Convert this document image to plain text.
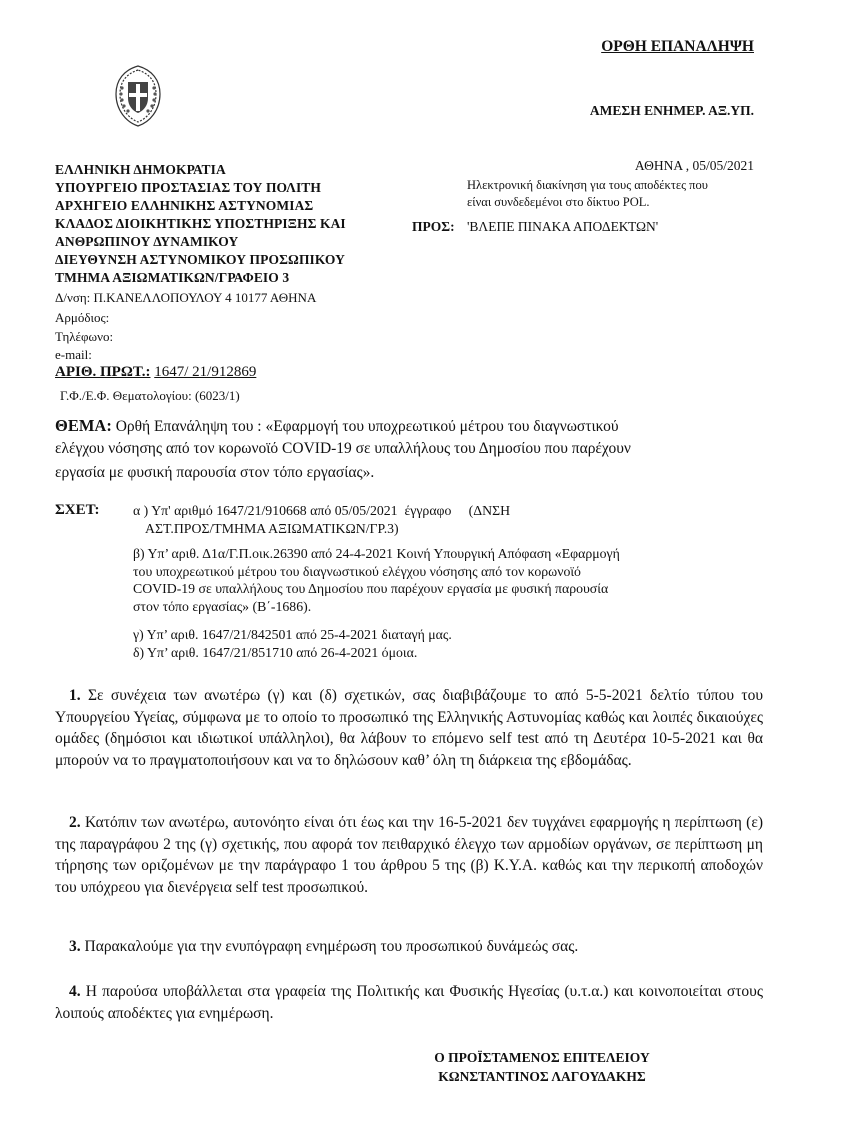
ΟΡΘΗ ΕΠΑΝΑΛΗΨΗ
ΑΜΕΣΗ ΕΝΗΜΕΡ. ΑΞ.ΥΠ.
ΕΛΛΗΝΙΚΗ ΔΗΜΟΚΡΑΤΙΑ
ΥΠΟΥΡΓΕΙΟ ΠΡΟΣΤΑΣΙΑΣ ΤΟΥ ΠΟΛΙΤΗ
ΑΡΧΗΓΕΙΟ ΕΛΛΗΝΙΚΗΣ ΑΣΤΥΝΟΜΙΑΣ
ΚΛΑΔΟΣ ΔΙΟΙΚΗΤΙΚΗΣ ΥΠΟΣΤΗΡΙΞΗΣ ΚΑΙ
ΑΝΘΡΩΠΙΝΟΥ ΔΥΝΑΜΙΚΟΥ
ΔΙΕΥΘΥΝΣΗ ΑΣΤΥΝΟΜΙΚΟΥ ΠΡΟΣΩΠΙΚΟΥ
ΤΜΗΜΑ ΑΞΙΩΜΑΤΙΚΩΝ/ΓΡΑΦΕΙΟ 3
Δ/νση: Π.ΚΑΝΕΛΛΟΠΟΥΛΟΥ 4 10177 ΑΘΗΝΑ
Αρμόδιος:
Τηλέφωνο:
e-mail:
ΑΡΙΘ. ΠΡΩΤ.: 1647/ 21/912869
Γ.Φ./Ε.Φ. Θεματολογίου: (6023/1)
ΑΘΗΝΑ , 05/05/2021
Ηλεκτρονική διακίνηση για τους αποδέκτες που
είναι συνδεδεμένοι στο δίκτυο POL.
ΠΡΟΣ: 'ΒΛΕΠΕ ΠΙΝΑΚΑ ΑΠΟΔΕΚΤΩΝ'
ΘΕΜΑ: Ορθή Επανάληψη του : «Εφαρμογή του υποχρεωτικού μέτρου του διαγνωστικού
ελέγχου νόσησης από τον κορωνοϊό COVID-19 σε υπαλλήλους του Δημοσίου που παρέχουν
εργασία με φυσική παρουσία στον τόπο εργασίας».
ΣΧΕΤ: α ) Υπ' αριθμό 1647/21/910668 από 05/05/2021  έγγραφο     (ΔΝΣΗ
ΑΣΤ.ΠΡΟΣ/ΤΜΗΜΑ ΑΞΙΩΜΑΤΙΚΩΝ/ΓΡ.3)
β) Υπ’ αριθ. Δ1α/Γ.Π.οικ.26390 από 24-4-2021 Κοινή Υπουργική Απόφαση «Εφαρμογή
του υποχρεωτικού μέτρου του διαγνωστικού ελέγχου νόσησης από τον κορωνοϊό
COVID-19 σε υπαλλήλους του Δημοσίου που παρέχουν εργασία με φυσική παρουσία
στον τόπο εργασίας» (Β΄-1686).
γ) Υπ’ αριθ. 1647/21/842501 από 25-4-2021 διαταγή μας.
δ) Υπ’ αριθ. 1647/21/851710 από 26-4-2021 όμοια.
1. Σε συνέχεια των ανωτέρω (γ) και (δ) σχετικών, σας διαβιβάζουμε το από 5-5-2021 δελτίο τύπου του Υπουργείου Υγείας, σύμφωνα με το οποίο το προσωπικό της Ελληνικής Αστυνομίας καθώς και λοιπές δικαιούχες ομάδες (δημόσιοι και ιδιωτικοί υπάλληλοι), θα λάβουν το επόμενο self test από τη Δευτέρα 10-5-2021 και θα μπορούν να το πραγματοποιήσουν και να το δηλώσουν καθ’ όλη τη διάρκεια της εβδομάδας.
2. Κατόπιν των ανωτέρω, αυτονόητο είναι ότι έως και την 16-5-2021 δεν τυγχάνει εφαρμογής η περίπτωση (ε) της παραγράφου 2 της (γ) σχετικής, που αφορά τον πειθαρχικό έλεγχο των αρμοδίων οργάνων, σε περίπτωση μη τήρησης των οριζομένων με την παράγραφο 1 του άρθρου 5 της (β) Κ.Υ.Α. καθώς και την περικοπή αποδοχών του υπόχρεου για διενέργεια self test προσωπικού.
3. Παρακαλούμε για την ενυπόγραφη ενημέρωση του προσωπικού δυνάμεώς σας.
4. Η παρούσα υποβάλλεται στα γραφεία της Πολιτικής και Φυσικής Ηγεσίας (υ.τ.α.) και κοινοποιείται στους λοιπούς αποδέκτες για ενημέρωση.
Ο ΠΡΟΪΣΤΑΜΕΝΟΣ ΕΠΙΤΕΛΕΙΟΥ
ΚΩΝΣΤΑΝΤΙΝΟΣ ΛΑΓΟΥΔΑΚΗΣ
